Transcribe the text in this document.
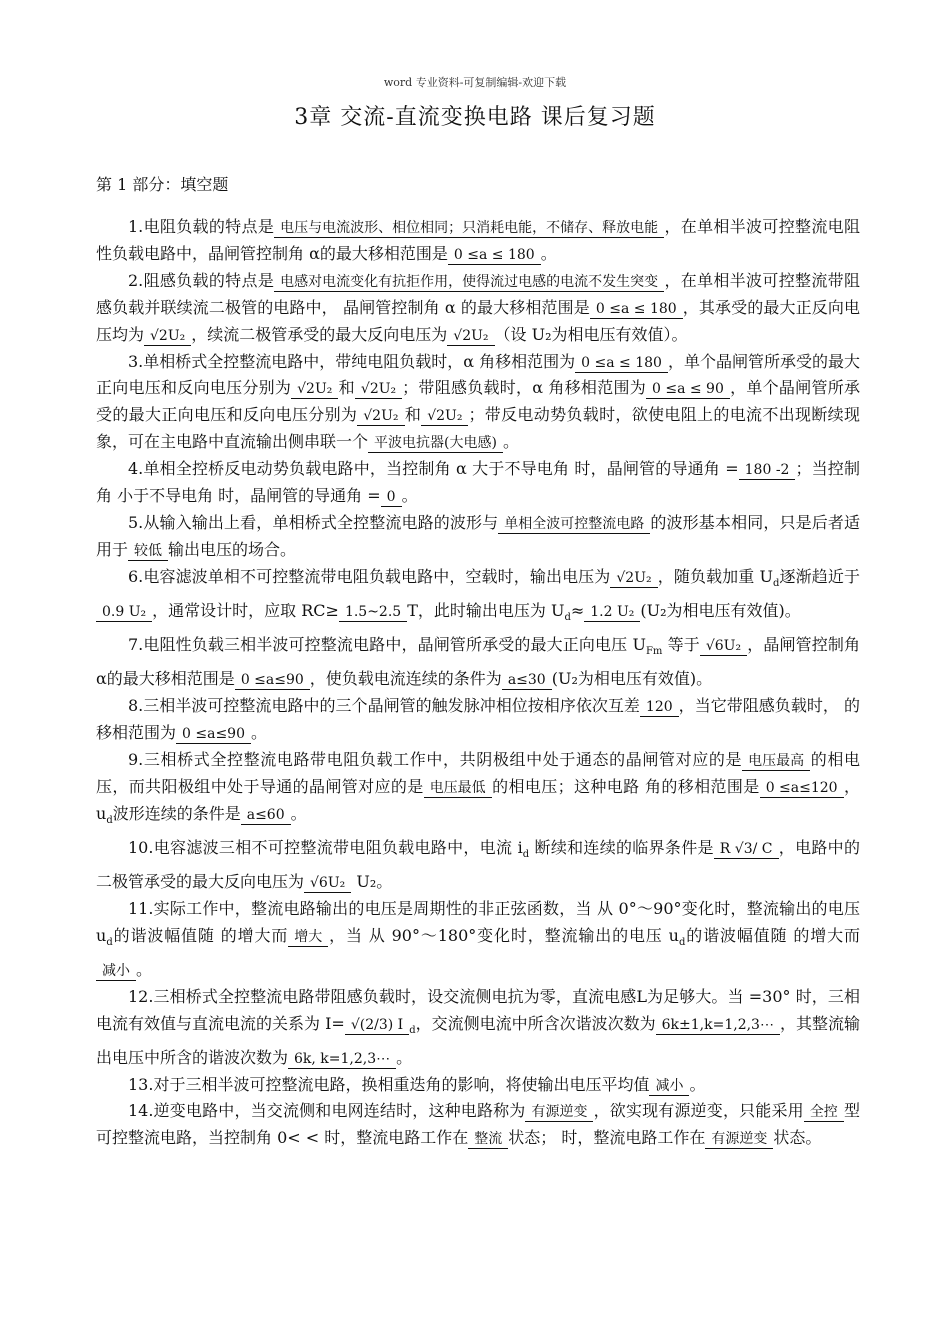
word 专业资料-可复制编辑-欢迎下载
3章 交流-直流变换电路 课后复习题
第 1 部分：填空题

1.电阻负载的特点是 电压与电流波形、相位相同；只消耗电能，不储存、释放电能 ，在单相半波可控整流电阻性负载电路中，晶闸管控制角 α的最大移相范围是 0 ≤a ≤ 180 。

2.阻感负载的特点是 电感对电流变化有抗拒作用，使得流过电感的电流不发生突变 ，在单相半波可控整流带阻感负载并联续流二极管的电路中， 晶闸管控制角 α 的最大移相范围是 0 ≤a ≤ 180 ，其承受的最大正反向电压均为 √2U₂ ，续流二极管承受的最大反向电压为 √2U₂ （设 U₂为相电压有效值）。

3.单相桥式全控整流电路中，带纯电阻负载时，α 角移相范围为 0 ≤a ≤ 180 ，单个晶闸管所承受的最大正向电压和反向电压分别为 √2U₂ 和 √2U₂ ；带阻感负载时，α 角移相范围为 0 ≤a ≤ 90 ，单个晶闸管所承受的最大正向电压和反向电压分别为 √2U₂ 和 √2U₂ ；带反电动势负载时，欲使电阻上的电流不出现断续现象，可在主电路中直流输出侧串联一个 平波电抗器(大电感) 。

4.单相全控桥反电动势负载电路中，当控制角 α 大于不导电角 时，晶闸管的导通角 = 180 -2 ；当控制角 小于不导电角 时，晶闸管的导通角 = 0 。

5.从输入输出上看，单相桥式全控整流电路的波形与 单相全波可控整流电路 的波形基本相同，只是后者适用于 较低 输出电压的场合。

6.电容滤波单相不可控整流带电阻负载电路中，空载时，输出电压为 √2U₂ ，随负载加重 $U_d$逐渐趋近于0.9 U₂ ，通常设计时，应取 RC≥ 1.5~2.5 T，此时输出电压为 $U_d\approx 1.2$ U₂ (U₂为相电压有效值)。

7.电阻性负载三相半波可控整流电路中，晶闸管所承受的最大正向电压 $U_{Fm}$ 等于 √6U₂ ，晶闸管控制角 α的最大移相范围是 0 ≤a≤90 ，使负载电流连续的条件为 a≤30 (U₂为相电压有效值)。

8.三相半波可控整流电路中的三个晶闸管的触发脉冲相位按相序依次互差 120 ，当它带阻感负载时， 的移相范围为 0 ≤a≤90 。

9.三相桥式全控整流电路带电阻负载工作中，共阴极组中处于通态的晶闸管对应的是 电压最高 的相电压，而共阳极组中处于导通的晶闸管对应的是 电压最低 的相电压；这种电路 角的移相范围是 0 ≤a≤120 ，$u_d$波形连续的条件是 a≤60 。

10.电容滤波三相不可控整流带电阻负载电路中，电流 $i_d$ 断续和连续的临界条件是 R √3/ C ，电路中的二极管承受的最大反向电压为 √6U₂ U₂。

11.实际工作中，整流电路输出的电压是周期性的非正弦函数，当 从 0°～90°变化时，整流输出的电压 $u_d$的谐波幅值随 的增大而 增大 ，当 从 90°～180°变化时，整流输出的电压 $u_d$的谐波幅值随 的增大而减小 。

12.三相桥式全控整流电路带阻感负载时，设交流侧电抗为零，直流电感L为足够大。当 =30° 时，三相电流有效值与直流电流的关系为 I= √(2/3) I $_d$，交流侧电流中所含次谐波次数为 6k±1,k=1,2,3⋯ ，其整流输出电压中所含的谐波次数为 6k, k=1,2,3⋯ 。

13.对于三相半波可控整流电路，换相重迭角的影响，将使输出电压平均值 减小 。

14.逆变电路中，当交流侧和电网连结时，这种电路称为 有源逆变 ，欲实现有源逆变，只能采用 全控 型可控整流电路，当控制角 0< < 时，整流电路工作在 整流 状态； 时，整流电路工作在 有源逆变 状态。
